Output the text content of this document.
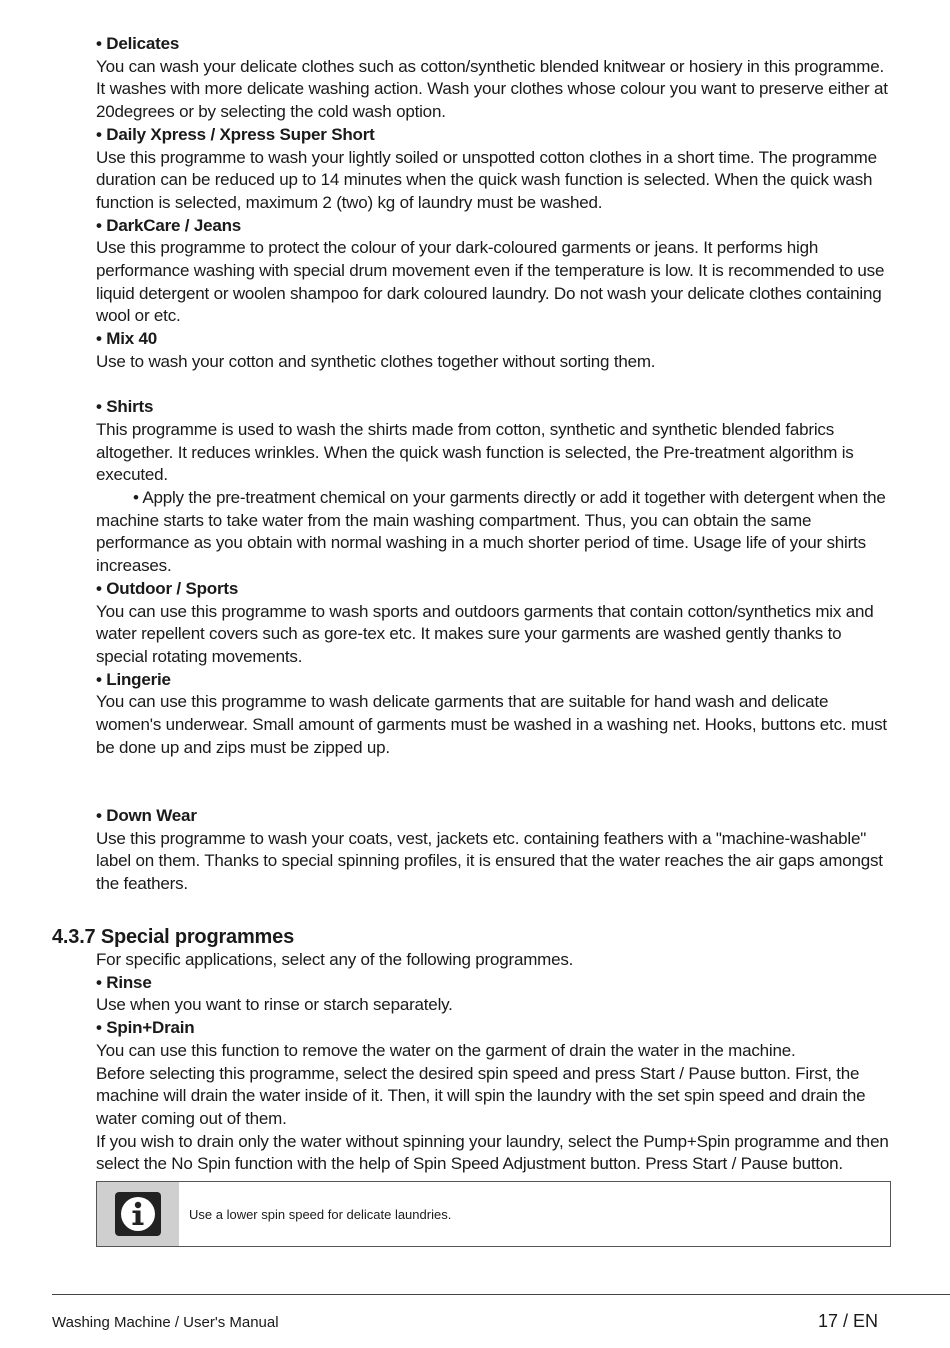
• Delicates
You can wash your delicate clothes such as cotton/synthetic blended knitwear or hosiery in this programme. It washes with more delicate washing action. Wash your clothes whose colour you want to preserve either at 20degrees or by selecting the cold wash option.
• Daily Xpress / Xpress Super Short
Use this programme to wash your lightly soiled or unspotted cotton clothes in a short time. The programme duration can be reduced up to 14 minutes when the quick wash function is selected. When the quick wash function is selected, maximum 2 (two) kg of laundry must be washed.
• DarkCare / Jeans
Use this programme to protect the colour of your dark-coloured garments or jeans. It performs high performance washing with special drum movement even if the temperature is low. It is recommended to use liquid detergent or woolen shampoo for dark coloured laundry. Do not wash your delicate clothes containing wool or etc.
• Mix 40
Use to wash your cotton and synthetic clothes together without sorting them.
• Shirts
This programme is used to wash the shirts made from cotton, synthetic and synthetic blended fabrics altogether. It reduces wrinkles. When the quick wash function is selected, the Pre-treatment algorithm is executed.
• Apply the pre-treatment chemical on your garments directly or add it together with detergent when the machine starts to take water from the main washing compartment. Thus, you can obtain the same performance as you obtain with normal washing in a much shorter period of time. Usage life of your shirts increases.
• Outdoor / Sports
You can use this programme to wash sports and outdoors garments that contain cotton/synthetics mix and water repellent covers such as gore-tex etc. It makes sure your garments are washed gently thanks to special rotating movements.
• Lingerie
You can use this programme to wash delicate garments that are suitable for hand wash and delicate women's underwear. Small amount of garments must be washed in a washing net. Hooks, buttons etc. must be done up and zips must be zipped up.
• Down Wear
Use this programme to wash your coats, vest, jackets etc. containing feathers with a "machine-washable" label on them. Thanks to special spinning profiles, it is ensured that the water reaches the air gaps amongst the feathers.
4.3.7 Special programmes
For specific applications, select any of the following programmes.
• Rinse
Use when you want to rinse or starch separately.
• Spin+Drain
You can use this function to remove the water on the garment of drain the water in the machine.
Before selecting this programme, select the desired spin speed and press Start / Pause button. First, the machine will drain the water inside of it. Then, it will spin the laundry with the set spin speed and drain the water coming out of them.
If you wish to drain only the water without spinning your laundry, select the Pump+Spin programme and then select the No Spin function with the help of Spin Speed Adjustment button. Press Start / Pause button.
Use a lower spin speed for delicate laundries.
Washing Machine / User's Manual	17 / EN
